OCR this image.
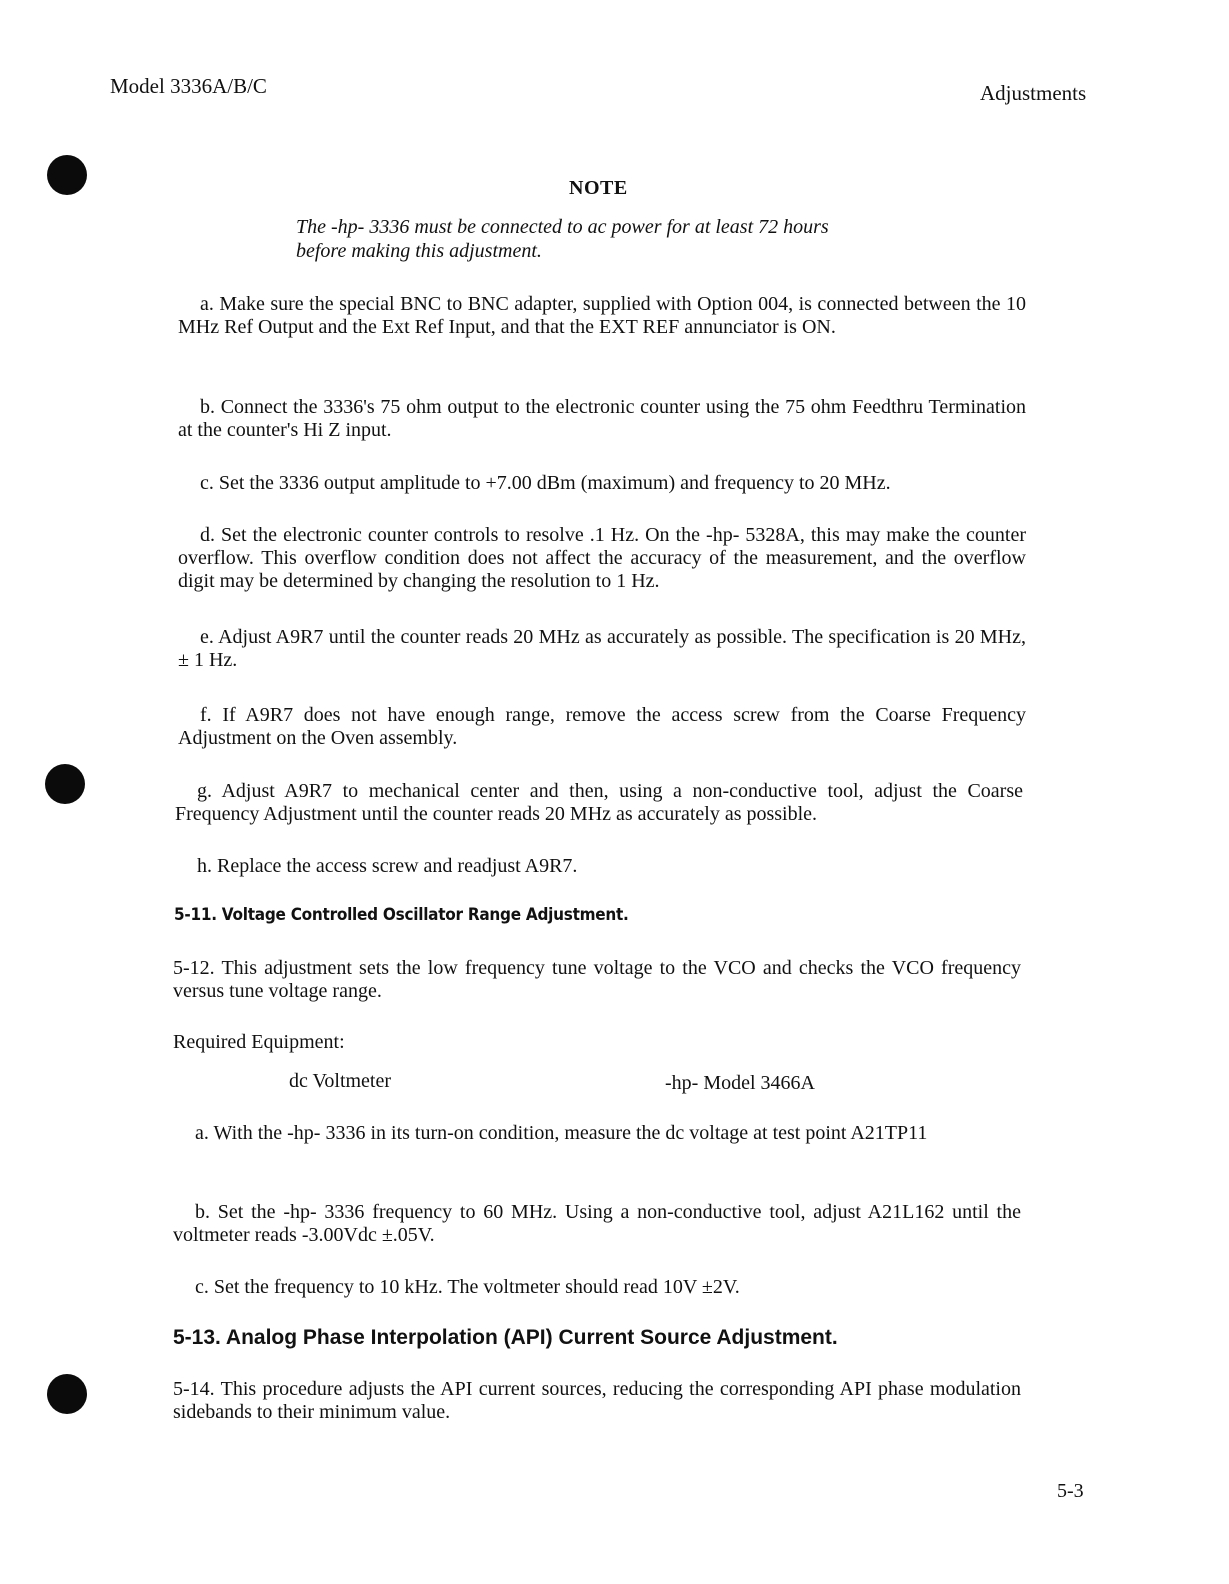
Model 3336A/B/C	Adjustments
NOTE
The -hp- 3336 must be connected to ac power for at least 72 hours
before making this adjustment.
a. Make sure the special BNC to BNC adapter, supplied with Option 004, is connected between the 10 MHz Ref Output and the Ext Ref Input, and that the EXT REF annunciator is ON.
b. Connect the 3336's 75 ohm output to the electronic counter using the 75 ohm Feedthru Termination at the counter's Hi Z input.
c. Set the 3336 output amplitude to +7.00 dBm (maximum) and frequency to 20 MHz.
d. Set the electronic counter controls to resolve .1 Hz. On the -hp- 5328A, this may make the counter overflow. This overflow condition does not affect the accuracy of the measurement, and the overflow digit may be determined by changing the resolution to 1 Hz.
e. Adjust A9R7 until the counter reads 20 MHz as accurately as possible. The specification is 20 MHz, ± 1 Hz.
f. If A9R7 does not have enough range, remove the access screw from the Coarse Frequency Adjustment on the Oven assembly.
g. Adjust A9R7 to mechanical center and then, using a non-conductive tool, adjust the Coarse Frequency Adjustment until the counter reads 20 MHz as accurately as possible.
h. Replace the access screw and readjust A9R7.
5-11. Voltage Controlled Oscillator Range Adjustment.
5-12. This adjustment sets the low frequency tune voltage to the VCO and checks the VCO frequency versus tune voltage range.
Required Equipment:
dc Voltmeter	-hp- Model 3466A
a. With the -hp- 3336 in its turn-on condition, measure the dc voltage at test point A21TP11
b. Set the -hp- 3336 frequency to 60 MHz. Using a non-conductive tool, adjust A21L162 until the voltmeter reads -3.00Vdc ±.05V.
c. Set the frequency to 10 kHz. The voltmeter should read 10V ±2V.
5-13. Analog Phase Interpolation (API) Current Source Adjustment.
5-14. This procedure adjusts the API current sources, reducing the corresponding API phase modulation sidebands to their minimum value.
5-3
